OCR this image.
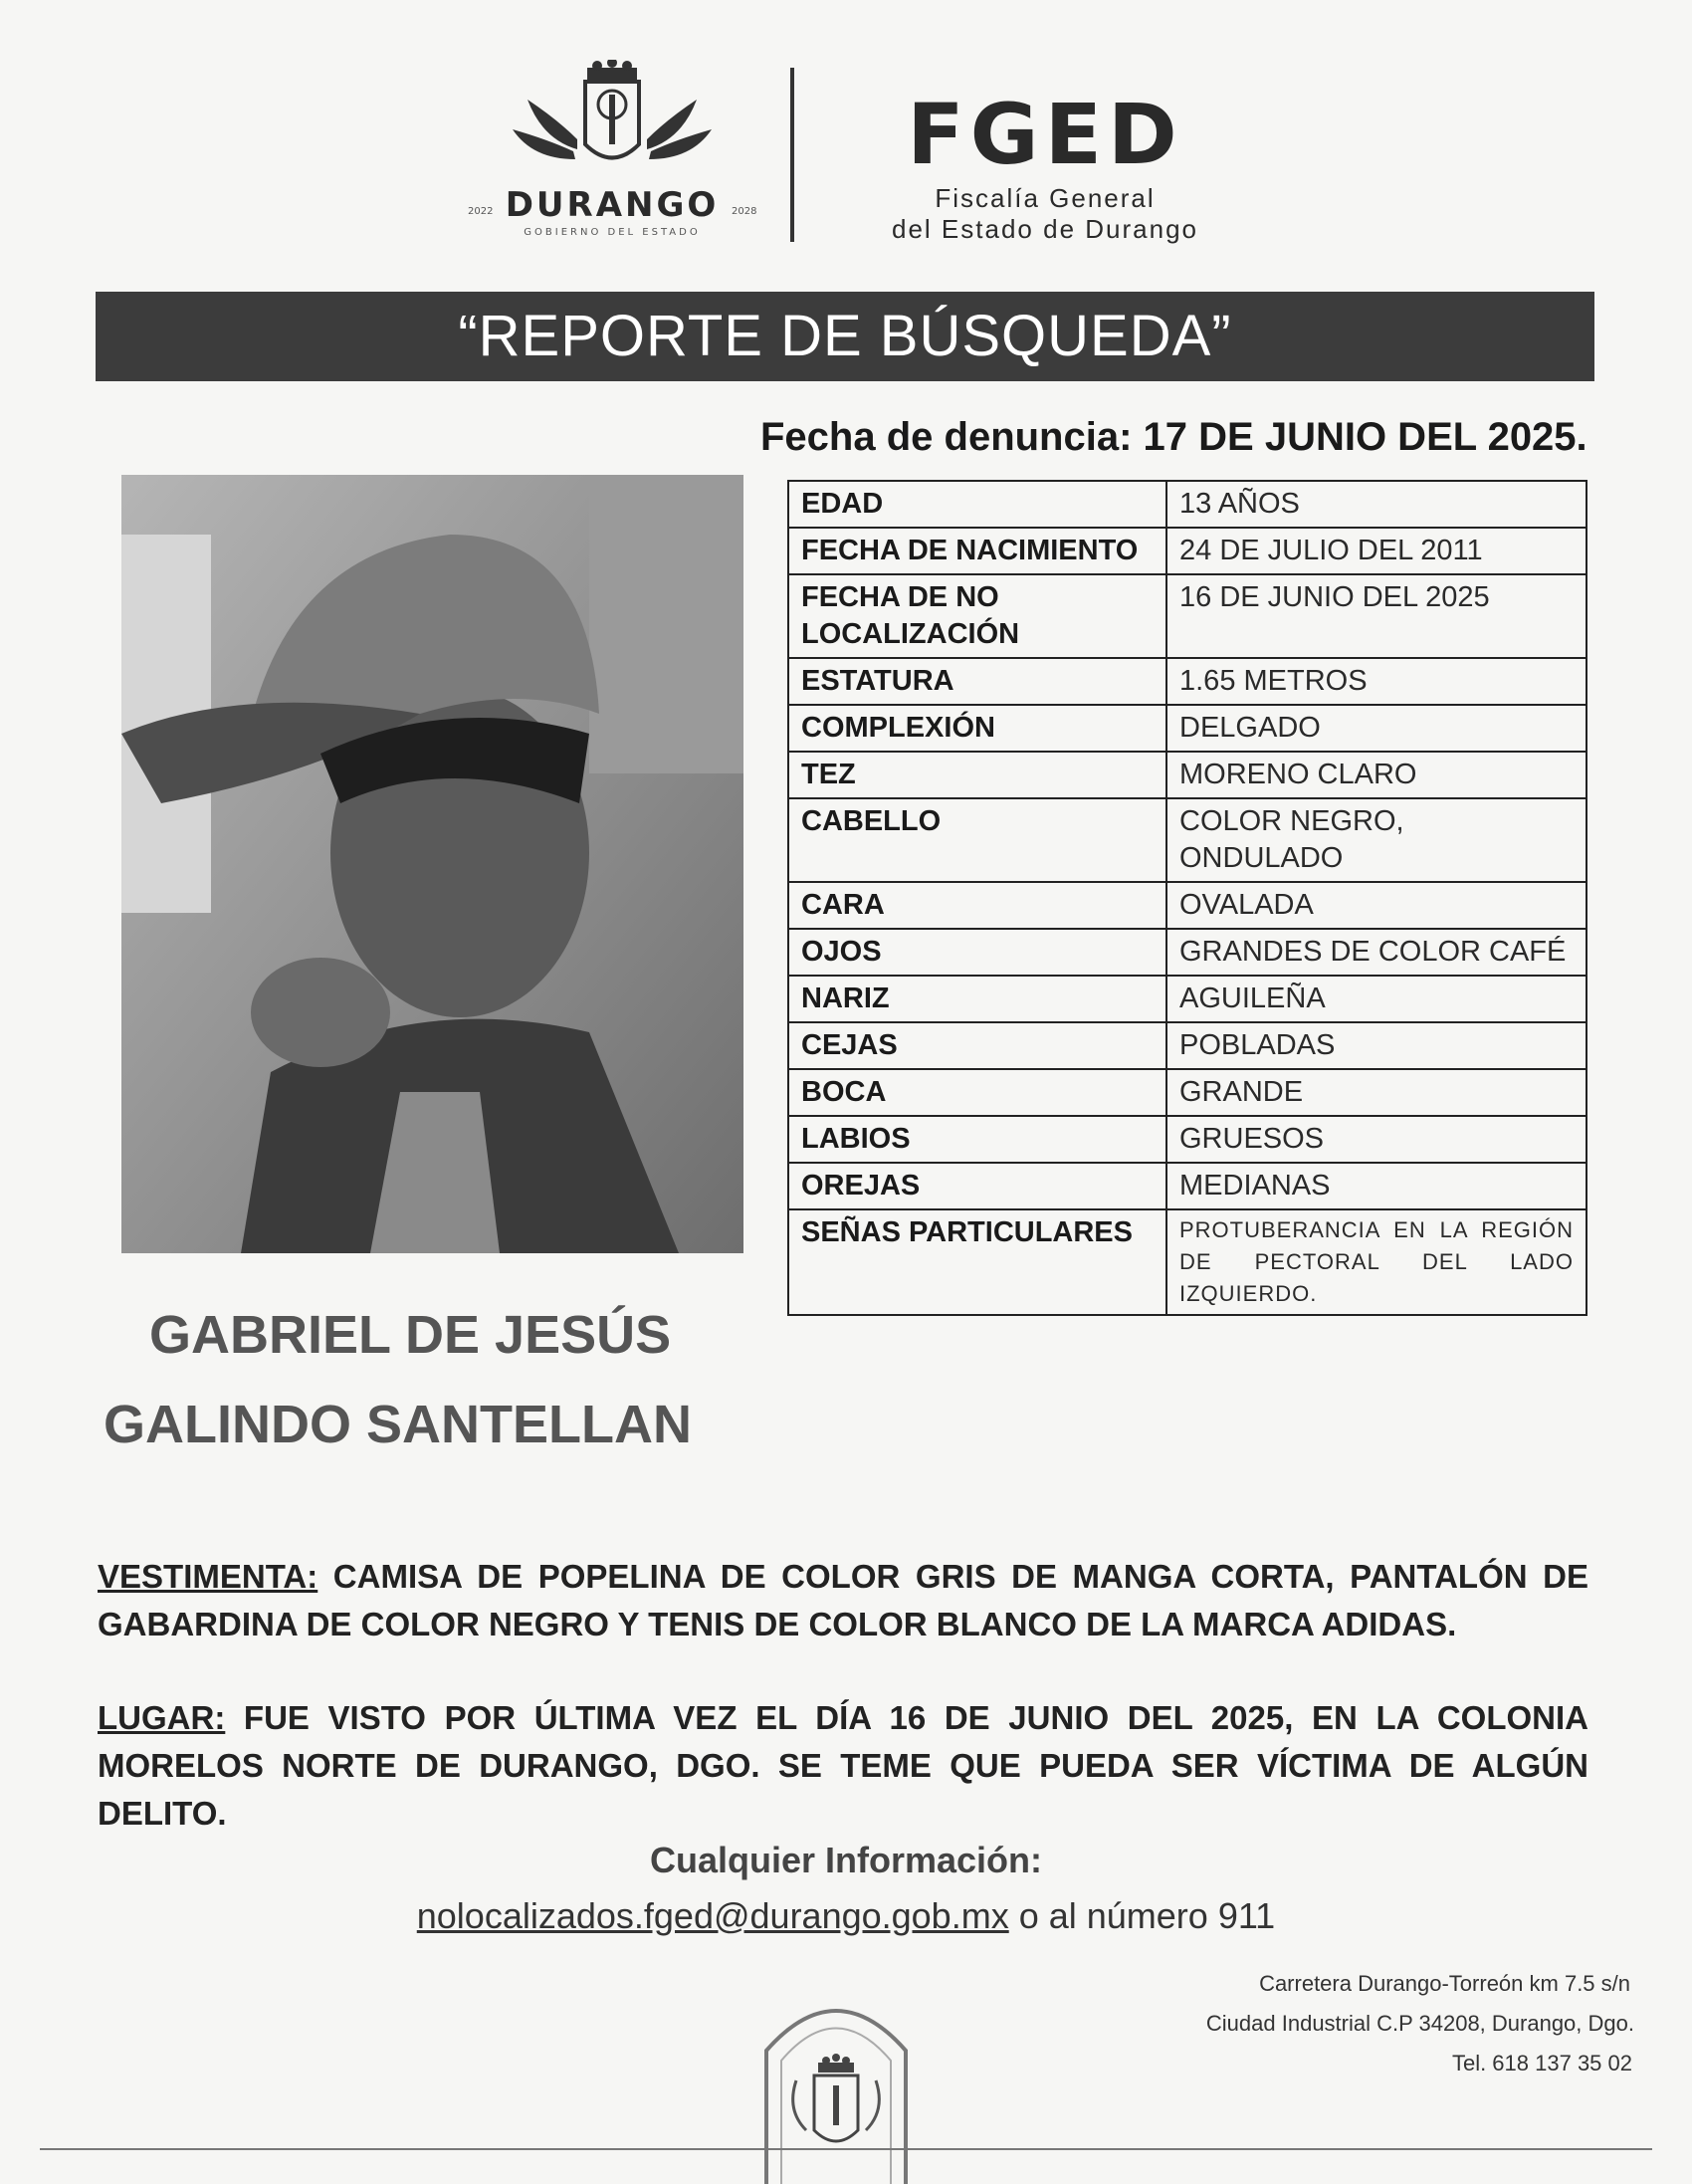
DURANGO
2022	2028
GOBIERNO DEL ESTADO
FGED
Fiscalía General
del Estado de Durango
“REPORTE DE BÚSQUEDA”
Fecha de denuncia: 17 DE JUNIO DEL 2025.
EDAD	13 AÑOS
FECHA DE NACIMIENTO	24 DE JULIO DEL 2011
FECHA DE NO LOCALIZACIÓN	16 DE JUNIO DEL 2025
ESTATURA	1.65 METROS
COMPLEXIÓN	DELGADO
TEZ	MORENO CLARO
CABELLO	COLOR NEGRO, ONDULADO
CARA	OVALADA
OJOS	GRANDES DE COLOR CAFÉ
NARIZ	AGUILEÑA
CEJAS	POBLADAS
BOCA	GRANDE
LABIOS	GRUESOS
OREJAS	MEDIANAS
SEÑAS PARTICULARES	PROTUBERANCIA EN LA REGIÓN DE PECTORAL DEL LADO IZQUIERDO.
GABRIEL DE JESÚS
GALINDO SANTELLAN
VESTIMENTA: CAMISA DE POPELINA DE COLOR GRIS DE MANGA CORTA, PANTALÓN DE GABARDINA DE COLOR NEGRO Y TENIS DE COLOR BLANCO DE LA MARCA ADIDAS.
LUGAR: FUE VISTO POR ÚLTIMA VEZ EL DÍA 16 DE JUNIO DEL 2025, EN LA COLONIA MORELOS NORTE DE DURANGO, DGO. SE TEME QUE PUEDA SER VÍCTIMA DE ALGÚN DELITO.
Cualquier Información:
nolocalizados.fged@durango.gob.mx o al número 911
Carretera Durango-Torreón km 7.5 s/n
Ciudad Industrial C.P 34208, Durango, Dgo.
Tel. 618 137 35 02
